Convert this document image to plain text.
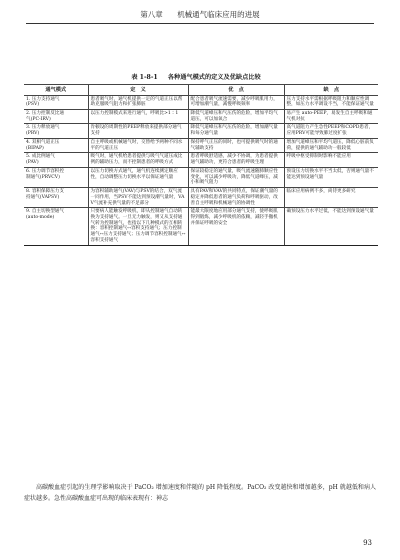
第八章 机械通气临床应用的进展
表 1-8-1 各种通气模式的定义及优缺点比较
通气模式	定　义	优　点	缺　点

1. 压力支持通气
(PSV)	患者吸气时，通气机提供一定的气道正压以帮助克服吸气阻力和扩张肺脏	配合患者吸气流速需要，减少呼吸肌用力，可增加潮气量，减慢呼吸频率	压力支持水平需根据呼吸阻力和顺应性调整，如压力水平调设不当，不能保证通气量

2. 压力控制反比通
气(PC-IRV)	以压力控制模式来进行通气，呼吸比>1∶1	降低气道峰压和气压伤的危险，增加平均气道压，可以加氧合	易产生 auto-PEEP，易发生自主呼吸和通气机对抗

3. 压力释放通气
(PRV)	肯顿设的周期性的PEEP释放来提供部分通气支持	降低气道峰压和气压伤的危险，增加潮气量和每分通气量	高气道阻力产生急性PEEP和COPD患者，应用PRV可能导致肺过度扩张

4. 双相气道正压
(BIPAP)	自主呼吸或机械通气时，交替给予两种不同水平的气道正压	保持呼气正压的同时，也可提供吸气时的通气辅助支持	增加气道峰压和平均气道压，降低心脏前负荷，提供的通气辅助功一般较低

5. 成比例通气
(PAV)	吸气时，通气机给患者提供与吸气气道压成比例的辅助压力，而不控制患者的呼吸方式	患者呼吸舒适感，减少不协调，为患者提供通气辅助功，更符合患者的呼吸生理	呼吸中枢受抑制时影响不能应用

6. 压力调节容积控
制通气(PRVCV)	以压力切换方式通气，通气机连续测定顺应性，自动调整压力切换水平以保证通气量	保证较稳定的通气量，吸气流速随肺顺应性变化，可以减少呼吸功，降低气道峰压，减小和吸气阻力	预设压力切换水平不当太低，否则通气量不能达到预设通气量

8. 容积保障压力支
持通气(VAPSV)	为容积辅助通气(VAV)与PSV的结合，双气流一同作用，当PSV不能达到预设潮气量时，VAV气流补充供气量的不足部分	具有PAV和VAV的共同特点，保证潮气量的稳定并降低患者的通气负荷和呼吸驱动，改善自主呼吸和机械通气的协调性	临床应用病例不多，尚待更多研究

9. 自主切换型通气
(auto-mode)	只要病人能触发呼吸机，即从控制通气自动转换为支持通气。一旦无力触发，则又从支持通气转为控制通气，也指以下几种模式的互相转换：容积控制通气↔容积支持通气；压力控制通气↔压力支持通气；压力调节容积控制通气↔容积支持通气	能最大限度地应用部分通气支持，使呼吸肌得到锻炼，减少呼吸机的依赖，减轻手撤机并保证呼吸的安全	确预设压力水平过低，不能达到预设通气量
高碳酸血症引起的生理学影响取决于 PaCO₂ 增加速度和伴随的 pH 降低程度。PaCO₂ 改变越快和增加越多，pH 就越低和病人症状越多。急性高碳酸血症可出现的临床表现有：神志
93
